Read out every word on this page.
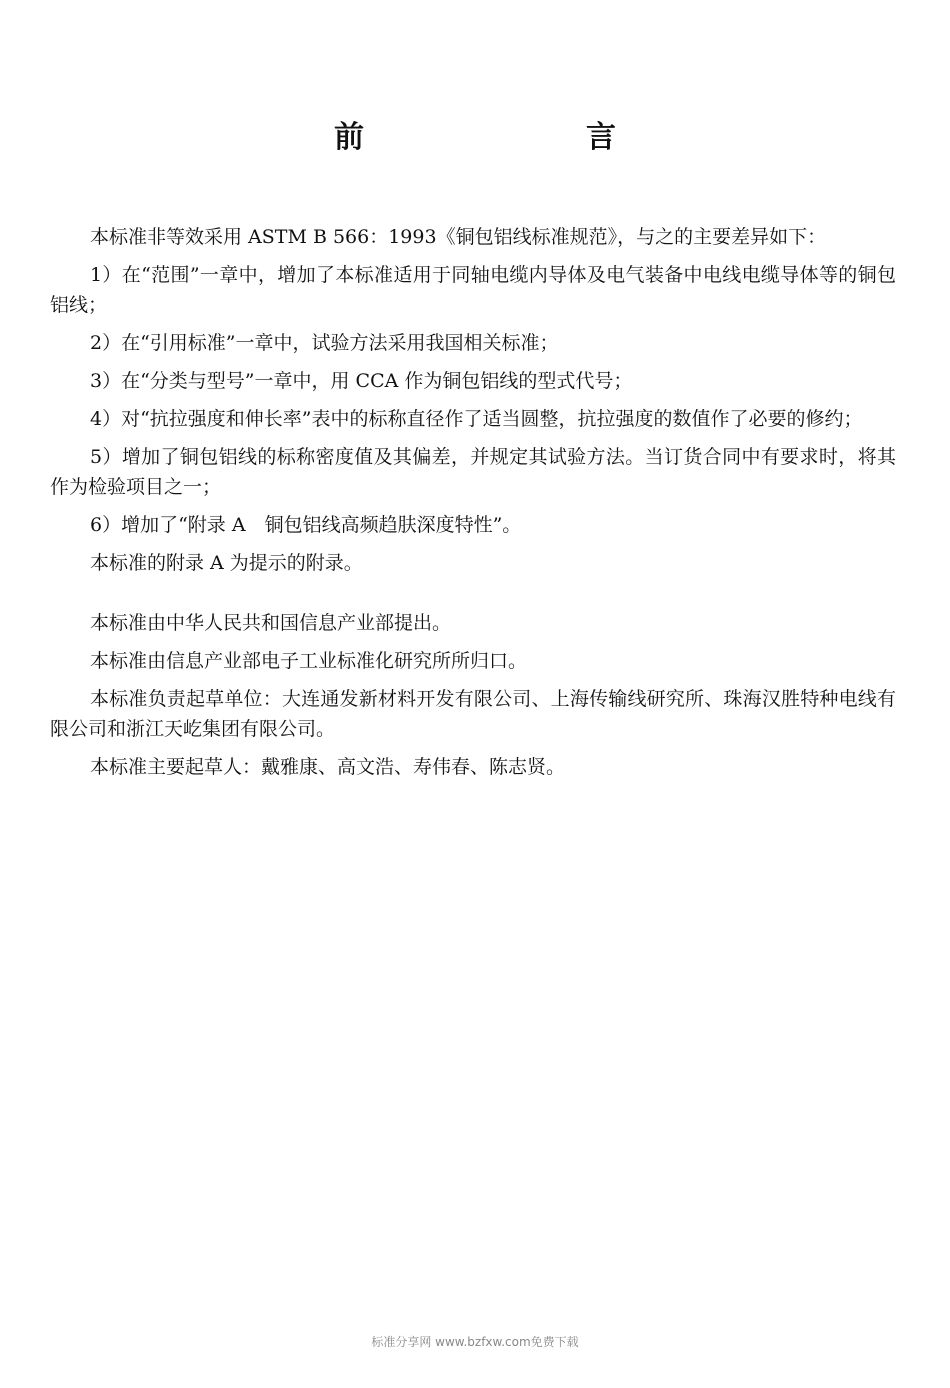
前　言

本标准非等效采用 ASTM B 566：1993《铜包铝线标准规范》，与之的主要差异如下：

1）在“范围”一章中，增加了本标准适用于同轴电缆内导体及电气装备中电线电缆导体等的铜包铝线；

2）在“引用标准”一章中，试验方法采用我国相关标准；

3）在“分类与型号”一章中，用 CCA 作为铜包铝线的型式代号；

4）对“抗拉强度和伸长率”表中的标称直径作了适当圆整，抗拉强度的数值作了必要的修约；

5）增加了铜包铝线的标称密度值及其偏差，并规定其试验方法。当订货合同中有要求时，将其作为检验项目之一；

6）增加了“附录 A　铜包铝线高频趋肤深度特性”。

本标准的附录 A 为提示的附录。

本标准由中华人民共和国信息产业部提出。

本标准由信息产业部电子工业标准化研究所所归口。

本标准负责起草单位：大连通发新材料开发有限公司、上海传输线研究所、珠海汉胜特种电线有限公司和浙江天屹集团有限公司。

本标准主要起草人：戴雅康、高文浩、寿伟春、陈志贤。

标准分享网 www.bzfxw.com免费下载
